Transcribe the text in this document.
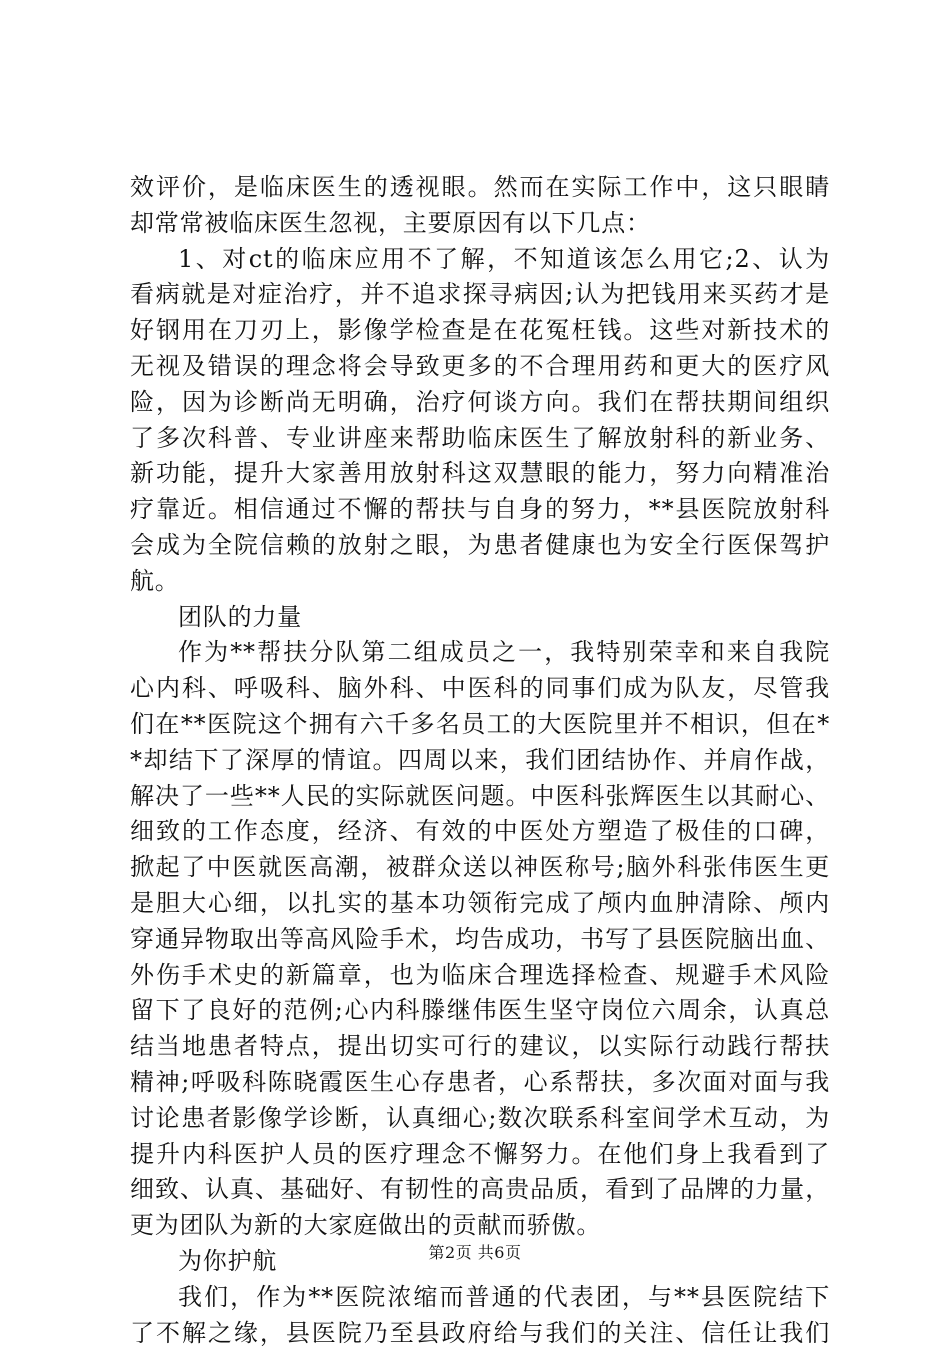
效评价，是临床医生的透视眼。然而在实际工作中，这只眼睛
却常常被临床医生忽视，主要原因有以下几点：
1、对ct的临床应用不了解，不知道该怎么用它;2、认为
看病就是对症治疗，并不追求探寻病因;认为把钱用来买药才是
好钢用在刀刃上，影像学检查是在花冤枉钱。这些对新技术的
无视及错误的理念将会导致更多的不合理用药和更大的医疗风
险，因为诊断尚无明确，治疗何谈方向。我们在帮扶期间组织
了多次科普、专业讲座来帮助临床医生了解放射科的新业务、
新功能，提升大家善用放射科这双慧眼的能力，努力向精准治
疗靠近。相信通过不懈的帮扶与自身的努力，**县医院放射科
会成为全院信赖的放射之眼，为患者健康也为安全行医保驾护
航。
团队的力量
作为**帮扶分队第二组成员之一，我特别荣幸和来自我院
心内科、呼吸科、脑外科、中医科的同事们成为队友，尽管我
们在**医院这个拥有六千多名员工的大医院里并不相识，但在*
*却结下了深厚的情谊。四周以来，我们团结协作、并肩作战，
解决了一些**人民的实际就医问题。中医科张辉医生以其耐心、
细致的工作态度，经济、有效的中医处方塑造了极佳的口碑，
掀起了中医就医高潮，被群众送以神医称号;脑外科张伟医生更
是胆大心细，以扎实的基本功领衔完成了颅内血肿清除、颅内
穿通异物取出等高风险手术，均告成功，书写了县医院脑出血、
外伤手术史的新篇章，也为临床合理选择检查、规避手术风险
留下了良好的范例;心内科滕继伟医生坚守岗位六周余，认真总
结当地患者特点，提出切实可行的建议，以实际行动践行帮扶
精神;呼吸科陈晓霞医生心存患者，心系帮扶，多次面对面与我
讨论患者影像学诊断，认真细心;数次联系科室间学术互动，为
提升内科医护人员的医疗理念不懈努力。在他们身上我看到了
细致、认真、基础好、有韧性的高贵品质，看到了品牌的力量，
更为团队为新的大家庭做出的贡献而骄傲。
为你护航
我们，作为**医院浓缩而普通的代表团，与**县医院结下
了不解之缘，县医院乃至县政府给与我们的关注、信任让我们
第2页 共6页
